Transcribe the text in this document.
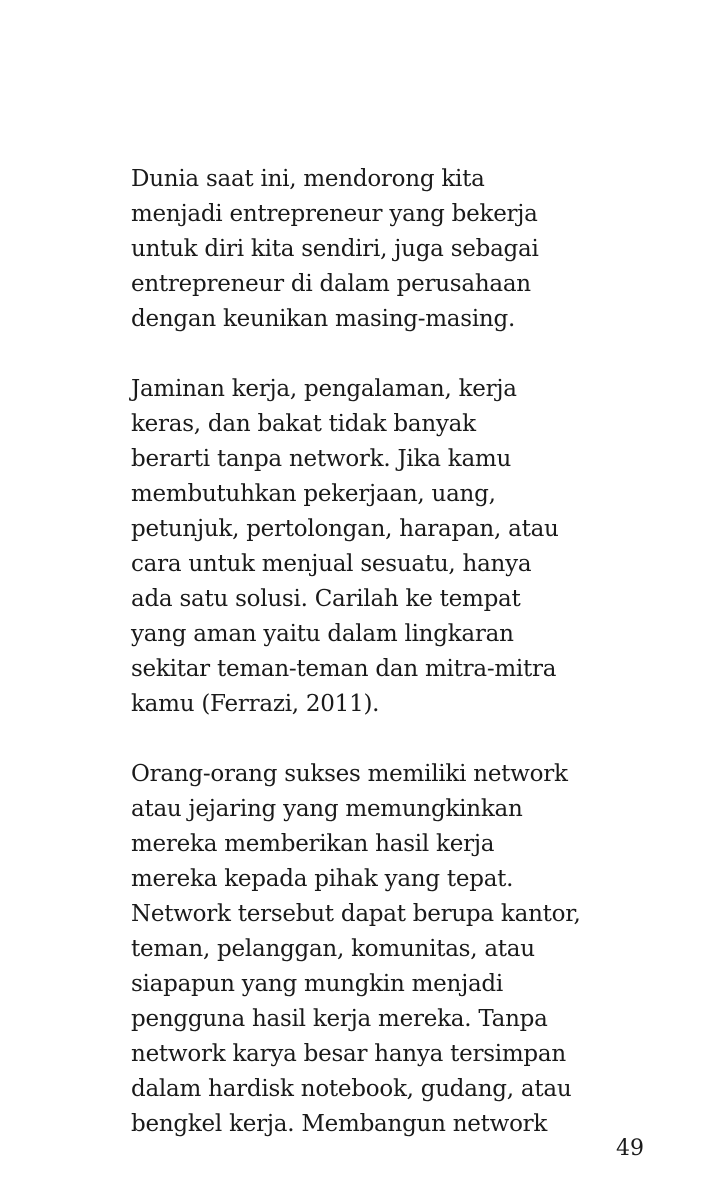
Dunia saat ini, mendorong kita
menjadi entrepreneur yang bekerja
untuk diri kita sendiri, juga sebagai
entrepreneur di dalam perusahaan
dengan keunikan masing-masing.
Jaminan kerja, pengalaman, kerja
keras, dan bakat tidak banyak
berarti tanpa network. Jika kamu
membutuhkan pekerjaan, uang,
petunjuk, pertolongan, harapan, atau
cara untuk menjual sesuatu, hanya
ada satu solusi. Carilah ke tempat
yang aman yaitu dalam lingkaran
sekitar teman-teman dan mitra-mitra
kamu (Ferrazi, 2011).
Orang-orang sukses memiliki network
atau jejaring yang memungkinkan
mereka memberikan hasil kerja
mereka kepada pihak yang tepat.
Network tersebut dapat berupa kantor,
teman, pelanggan, komunitas, atau
siapapun yang mungkin menjadi
pengguna hasil kerja mereka. Tanpa
network karya besar hanya tersimpan
dalam hardisk notebook, gudang, atau
bengkel kerja. Membangun network
49
